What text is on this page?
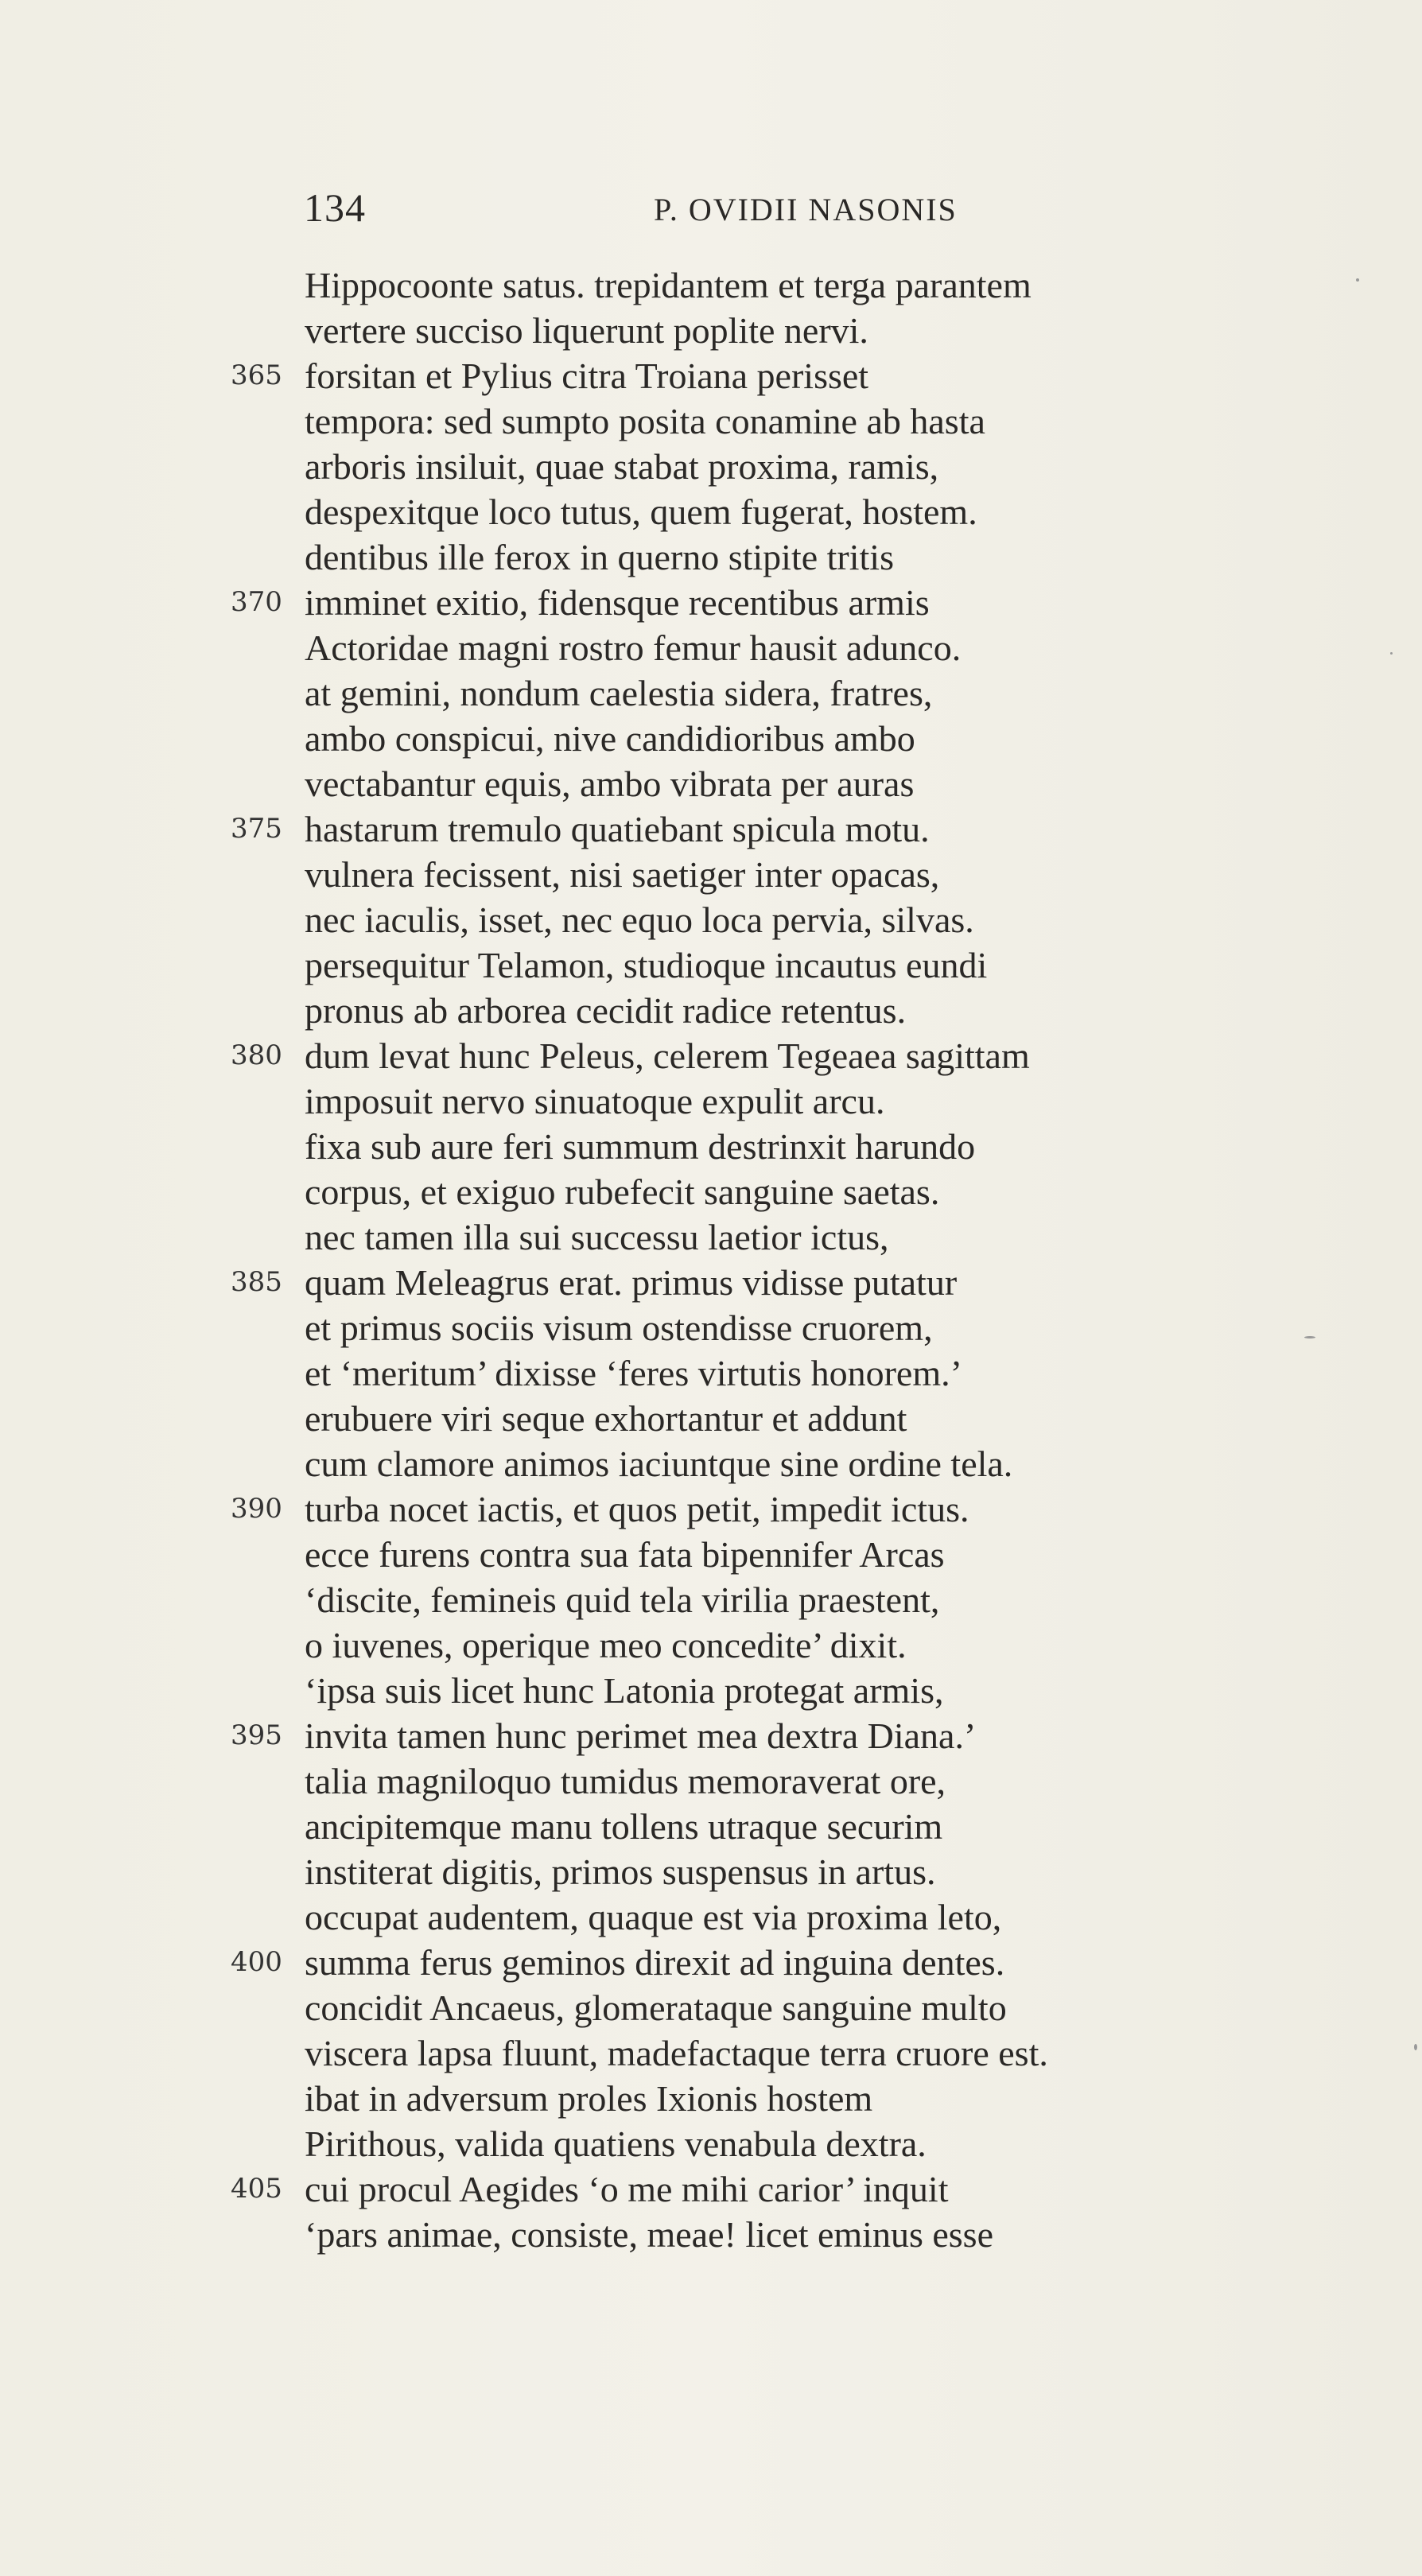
134	P. OVIDII NASONIS
Hippocoonte satus. trepidantem et terga parantem
vertere succiso liquerunt poplite nervi.
365 forsitan et Pylius citra Troiana perisset
tempora: sed sumpto posita conamine ab hasta
arboris insiluit, quae stabat proxima, ramis,
despexitque loco tutus, quem fugerat, hostem.
dentibus ille ferox in querno stipite tritis
370 imminet exitio, fidensque recentibus armis
Actoridae magni rostro femur hausit adunco.
at gemini, nondum caelestia sidera, fratres,
ambo conspicui, nive candidioribus ambo
vectabantur equis, ambo vibrata per auras
375 hastarum tremulo quatiebant spicula motu.
vulnera fecissent, nisi saetiger inter opacas,
nec iaculis, isset, nec equo loca pervia, silvas.
persequitur Telamon, studioque incautus eundi
pronus ab arborea cecidit radice retentus.
380 dum levat hunc Peleus, celerem Tegeaea sagittam
imposuit nervo sinuatoque expulit arcu.
fixa sub aure feri summum destrinxit harundo
corpus, et exiguo rubefecit sanguine saetas.
nec tamen illa sui successu laetior ictus,
385 quam Meleagrus erat. primus vidisse putatur
et primus sociis visum ostendisse cruorem,
et ‘meritum’ dixisse ‘feres virtutis honorem.’
erubuere viri seque exhortantur et addunt
cum clamore animos iaciuntque sine ordine tela.
390 turba nocet iactis, et quos petit, impedit ictus.
ecce furens contra sua fata bipennifer Arcas
‘discite, femineis quid tela virilia praestent,
o iuvenes, operique meo concedite’ dixit.
‘ipsa suis licet hunc Latonia protegat armis,
395 invita tamen hunc perimet mea dextra Diana.’
talia magniloquo tumidus memoraverat ore,
ancipitemque manu tollens utraque securim
institerat digitis, primos suspensus in artus.
occupat audentem, quaque est via proxima leto,
400 summa ferus geminos direxit ad inguina dentes.
concidit Ancaeus, glomerataque sanguine multo
viscera lapsa fluunt, madefactaque terra cruore est.
ibat in adversum proles Ixionis hostem
Pirithous, valida quatiens venabula dextra.
405 cui procul Aegides ‘o me mihi carior’ inquit
‘pars animae, consiste, meae! licet eminus esse
